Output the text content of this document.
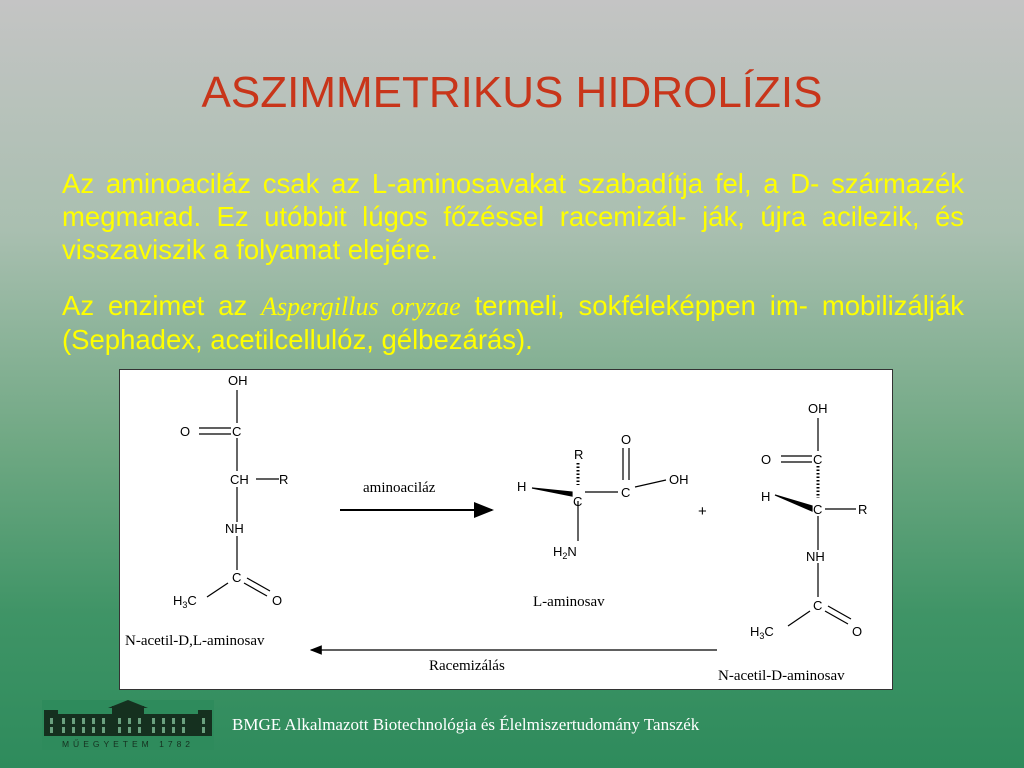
ASZIMMETRIKUS HIDROLÍZIS
Az aminoaciláz csak az L-aminosavakat szabadítja fel, a D- származék megmarad. Ez utóbbit lúgos főzéssel racemizál- ják, újra acilezik, és visszaviszik a folyamat elejére.
Az enzimet az Aspergillus oryzae termeli, sokféleképpen im- mobilizálják (Sephadex, acetilcellulóz, gélbezárás).
OH
O	C
CH R
NH
C
$H_3C$	O
N-acetil-D,L-aminosav
aminoaciláz
R
O
H
C
C
OH
$H_2N$
L-aminosav
+
OH
O	C
H
C	R
NH
C
$H_3C$	O
N-acetil-D-aminosav
Racemizálás
MŰEGYETEM 1782
BMGE Alkalmazott Biotechnológia és Élelmiszertudomány Tanszék
